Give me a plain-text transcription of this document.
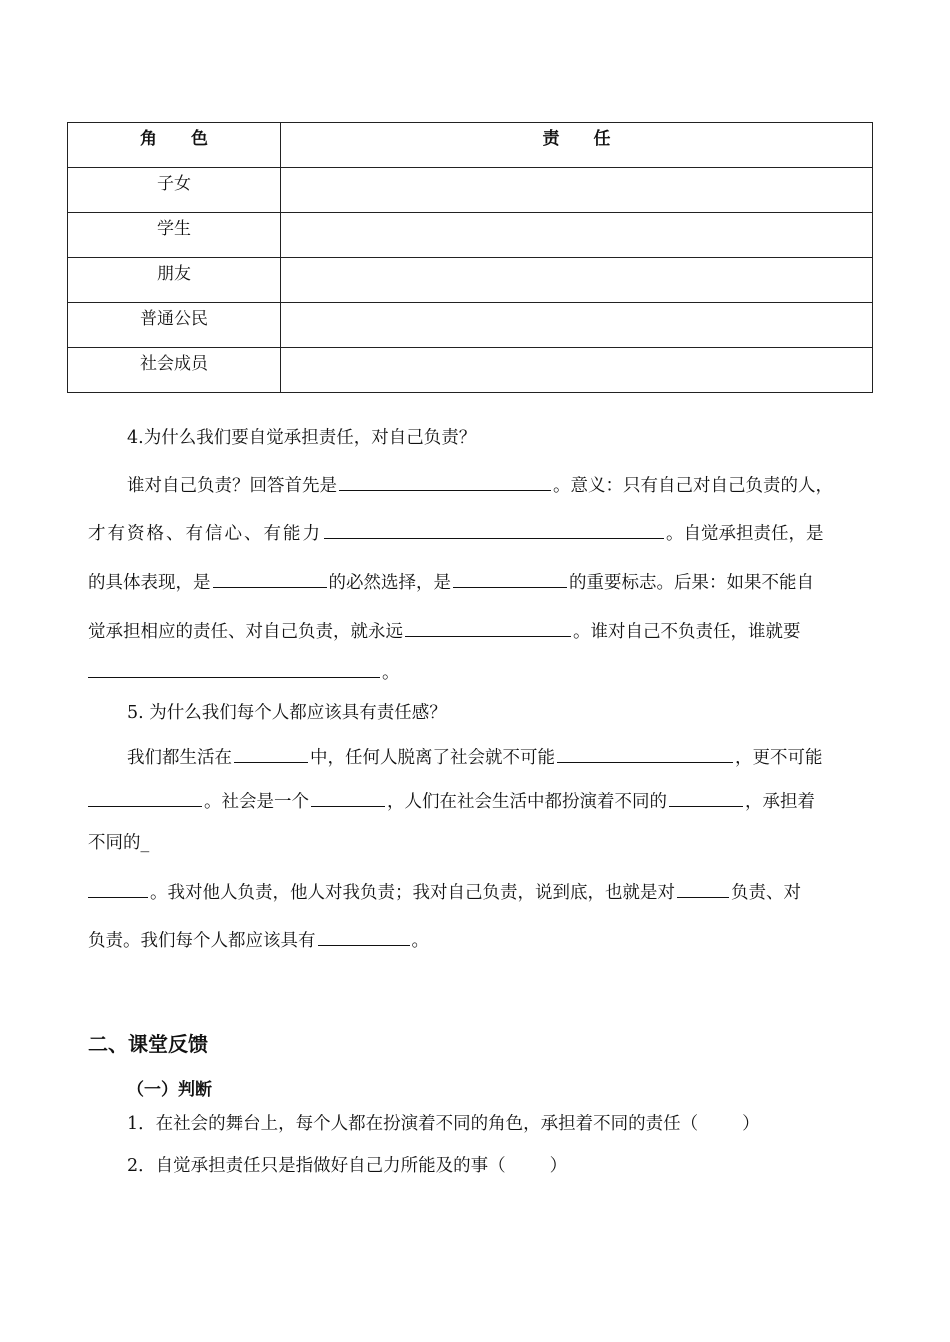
角　　色	责　　任
子女	
学生	
朋友	
普通公民	
社会成员	
4.为什么我们要自觉承担责任，对自己负责？
谁对自己负责？回答首先是	。意义：只有自己对自己负责的人，
才有资格、有信心、有能力	。自觉承担责任，是
的具体表现，是	的必然选择，是	的重要标志。后果：如果不能自
觉承担相应的责任、对自己负责，就永远	。谁对自己不负责任，谁就要
。
5. 为什么我们每个人都应该具有责任感？
我们都生活在	中，任何人脱离了社会就不可能	，更不可能
。社会是一个	，人们在社会生活中都扮演着不同的	，承担着
不同的_
。我对他人负责，他人对我负责；我对自己负责，说到底，也就是对	负责、对
负责。我们每个人都应该具有	。
二、课堂反馈
（一）判断
1．在社会的舞台上，每个人都在扮演着不同的角色，承担着不同的责任（	）
2．自觉承担责任只是指做好自己力所能及的事（	）
